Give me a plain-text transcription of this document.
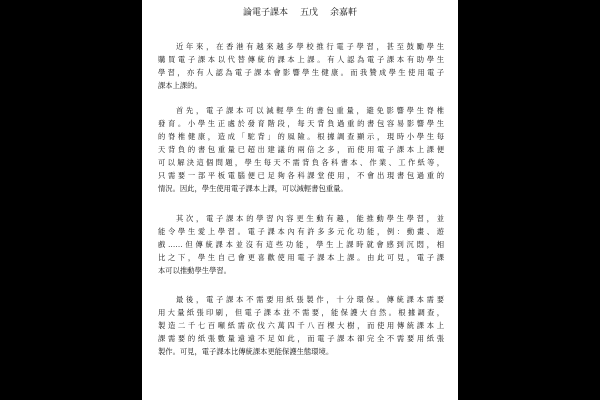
論電子課本 五戊 余嘉軒
近年來，在香港有越來越多學校推行電子學習，甚至鼓勵學生
購買電子課本以代替傳統的課本上課。有人認為電子課本有助學生
學習，亦有人認為電子課本會影響學生健康。而我贊成學生使用電子
課本上課的。
首先，電子課本可以減輕學生的書包重量，避免影響學生脊椎
發育。小學生正處於發育階段，每天背負過重的書包容易影響學生
的脊椎健康，造成「駝背」的風險。根據調查顯示，現時小學生每
天背負的書包重量已超出建議的兩倍之多，而使用電子課本上課便
可以解決這個問題，學生每天不需背負各科書本、作業、工作紙等，
只需要一部平板電腦便已足夠各科課堂使用，不會出現書包過重的
情況。因此，學生使用電子課本上課，可以減輕書包重量。
其次，電子課本的學習內容更生動有趣，能推動學生學習，並
能令學生愛上學習。電子課本內有許多多元化功能，例：動畫、遊
戲……但傳統課本並沒有這些功能，學生上課時就會感到沉悶，相
比之下，學生自己會更喜歡使用電子課本上課。由此可見，電子課
本可以推動學生學習。
最後，電子課本不需要用紙張製作，十分環保。傳統課本需要
用大量紙張印刷，但電子課本並不需要，能保護大自然。根據調查，
製造二千七百噸紙需砍伐六萬四千八百棵大樹，而使用傳統課本上
課需要的紙張數量遠遠不足如此，而電子課本卻完全不需要用紙張
製作。可見，電子課本比傳統課本更能保護生態環境。
